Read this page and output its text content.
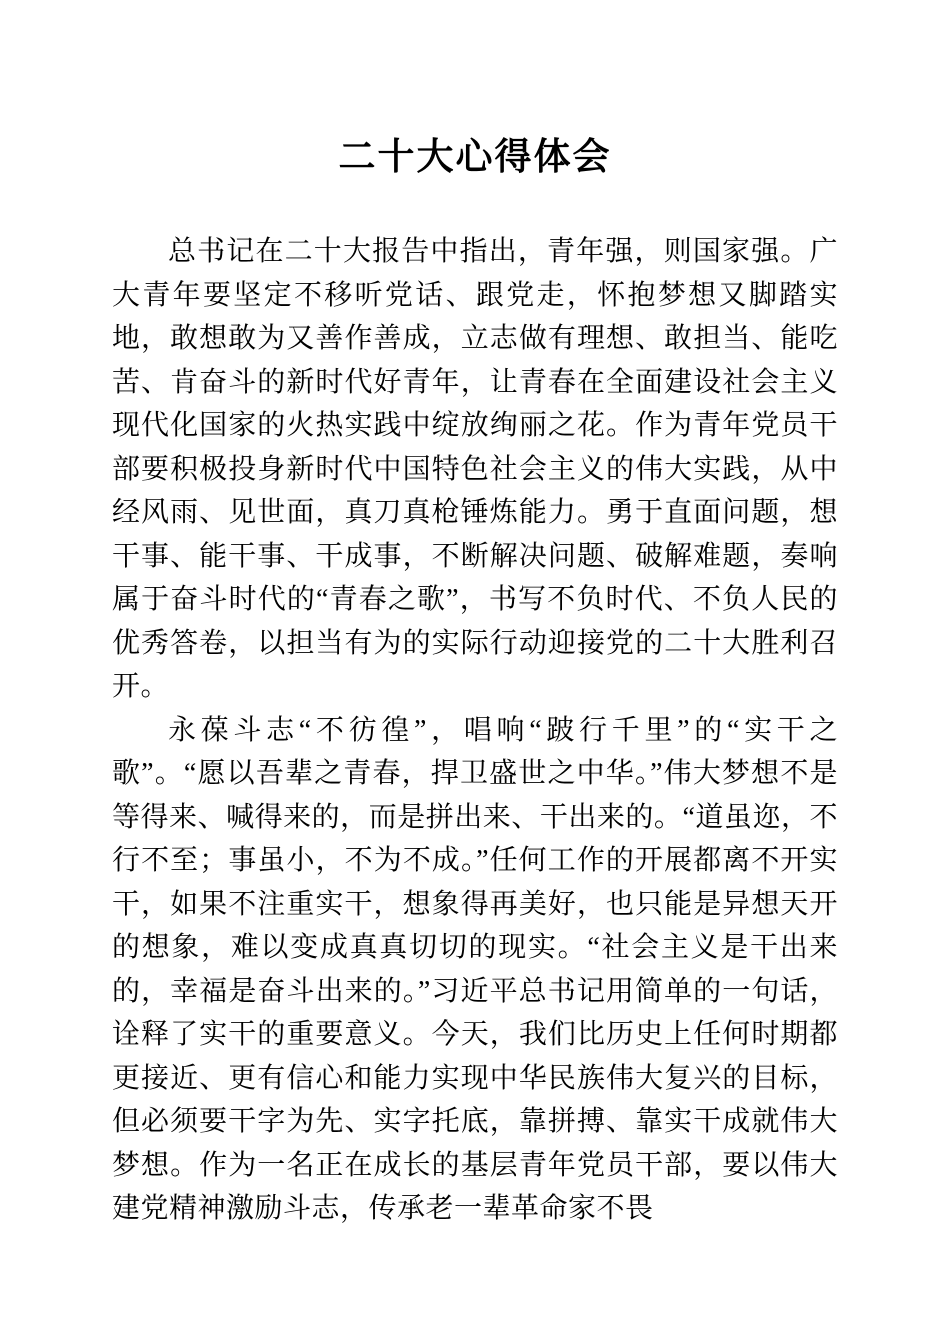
二十大心得体会

总书记在二十大报告中指出，青年强，则国家强。广大青年要坚定不移听党话、跟党走，怀抱梦想又脚踏实地，敢想敢为又善作善成，立志做有理想、敢担当、能吃苦、肯奋斗的新时代好青年，让青春在全面建设社会主义现代化国家的火热实践中绽放绚丽之花。作为青年党员干部要积极投身新时代中国特色社会主义的伟大实践，从中经风雨、见世面，真刀真枪锤炼能力。勇于直面问题，想干事、能干事、干成事，不断解决问题、破解难题，奏响属于奋斗时代的“青春之歌”，书写不负时代、不负人民的优秀答卷，以担当有为的实际行动迎接党的二十大胜利召开。

永葆斗志“不彷徨”，唱响“跛行千里”的“实干之歌”。“愿以吾辈之青春，捍卫盛世之中华。”伟大梦想不是等得来、喊得来的，而是拼出来、干出来的。“道虽迩，不行不至；事虽小，不为不成。”任何工作的开展都离不开实干，如果不注重实干，想象得再美好，也只能是异想天开的想象，难以变成真真切切的现实。“社会主义是干出来的，幸福是奋斗出来的。”习近平总书记用简单的一句话，诠释了实干的重要意义。今天，我们比历史上任何时期都更接近、更有信心和能力实现中华民族伟大复兴的目标，但必须要干字为先、实字托底，靠拼搏、靠实干成就伟大梦想。作为一名正在成长的基层青年党员干部，要以伟大建党精神激励斗志，传承老一辈革命家不畏
